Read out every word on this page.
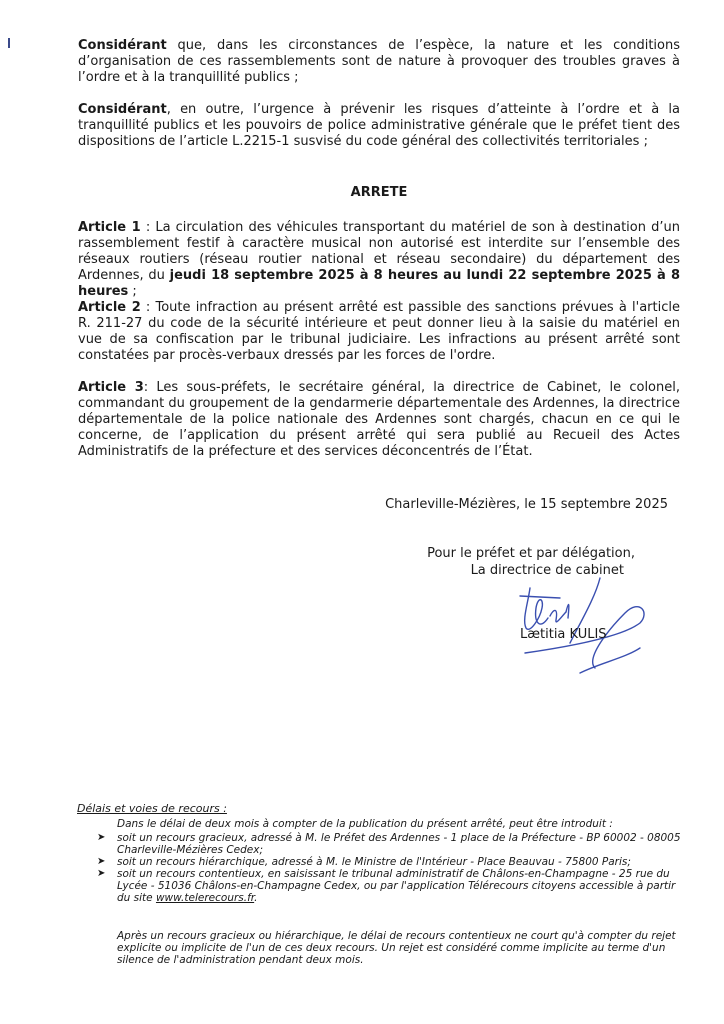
Considérant que, dans les circonstances de l’espèce, la nature et les conditions d’organisation de ces rassemblements sont de nature à provoquer des troubles graves à l’ordre et à la tranquillité publics ;

Considérant, en outre, l’urgence à prévenir les risques d’atteinte à l’ordre et à la tranquillité publics et les pouvoirs de police administrative générale que le préfet tient des dispositions de l’article L.2215-1 susvisé du code général des collectivités territoriales ;

ARRETE

Article 1 : La circulation des véhicules transportant du matériel de son à destination d’un rassemblement festif à caractère musical non autorisé est interdite sur l’ensemble des réseaux routiers (réseau routier national et réseau secondaire) du département des Ardennes, du jeudi 18 septembre 2025 à 8 heures au lundi 22 septembre 2025 à 8 heures ;

Article 2 : Toute infraction au présent arrêté est passible des sanctions prévues à l'article R. 211-27 du code de la sécurité intérieure et peut donner lieu à la saisie du matériel en vue de sa confiscation par le tribunal judiciaire. Les infractions au présent arrêté sont constatées par procès-verbaux dressés par les forces de l'ordre.

Article 3: Les sous-préfets, le secrétaire général, la directrice de Cabinet, le colonel, commandant du groupement de la gendarmerie départementale des Ardennes, la directrice départementale de la police nationale des Ardennes sont chargés, chacun en ce qui le concerne, de l’application du présent arrêté qui sera publié au Recueil des Actes Administratifs de la préfecture et des services déconcentrés de l’État.

Charleville-Mézières, le 15 septembre 2025
Pour le préfet et par délégation,
La directrice de cabinet
Lætitia KULIS
Délais et voies de recours :
Dans le délai de deux mois à compter de la publication du présent arrêté, peut être introduit :
➤ soit un recours gracieux, adressé à M. le Préfet des Ardennes - 1 place de la Préfecture - BP 60002 - 08005 Charleville-Mézières Cedex;
➤ soit un recours hiérarchique, adressé à M. le Ministre de l'Intérieur - Place Beauvau - 75800 Paris;
➤ soit un recours contentieux, en saisissant le tribunal administratif de Châlons-en-Champagne - 25 rue du Lycée - 51036 Châlons-en-Champagne Cedex, ou par l'application Télérecours citoyens accessible à partir du site www.telerecours.fr.
Après un recours gracieux ou hiérarchique, le délai de recours contentieux ne court qu'à compter du rejet explicite ou implicite de l'un de ces deux recours. Un rejet est considéré comme implicite au terme d'un silence de l'administration pendant deux mois.
